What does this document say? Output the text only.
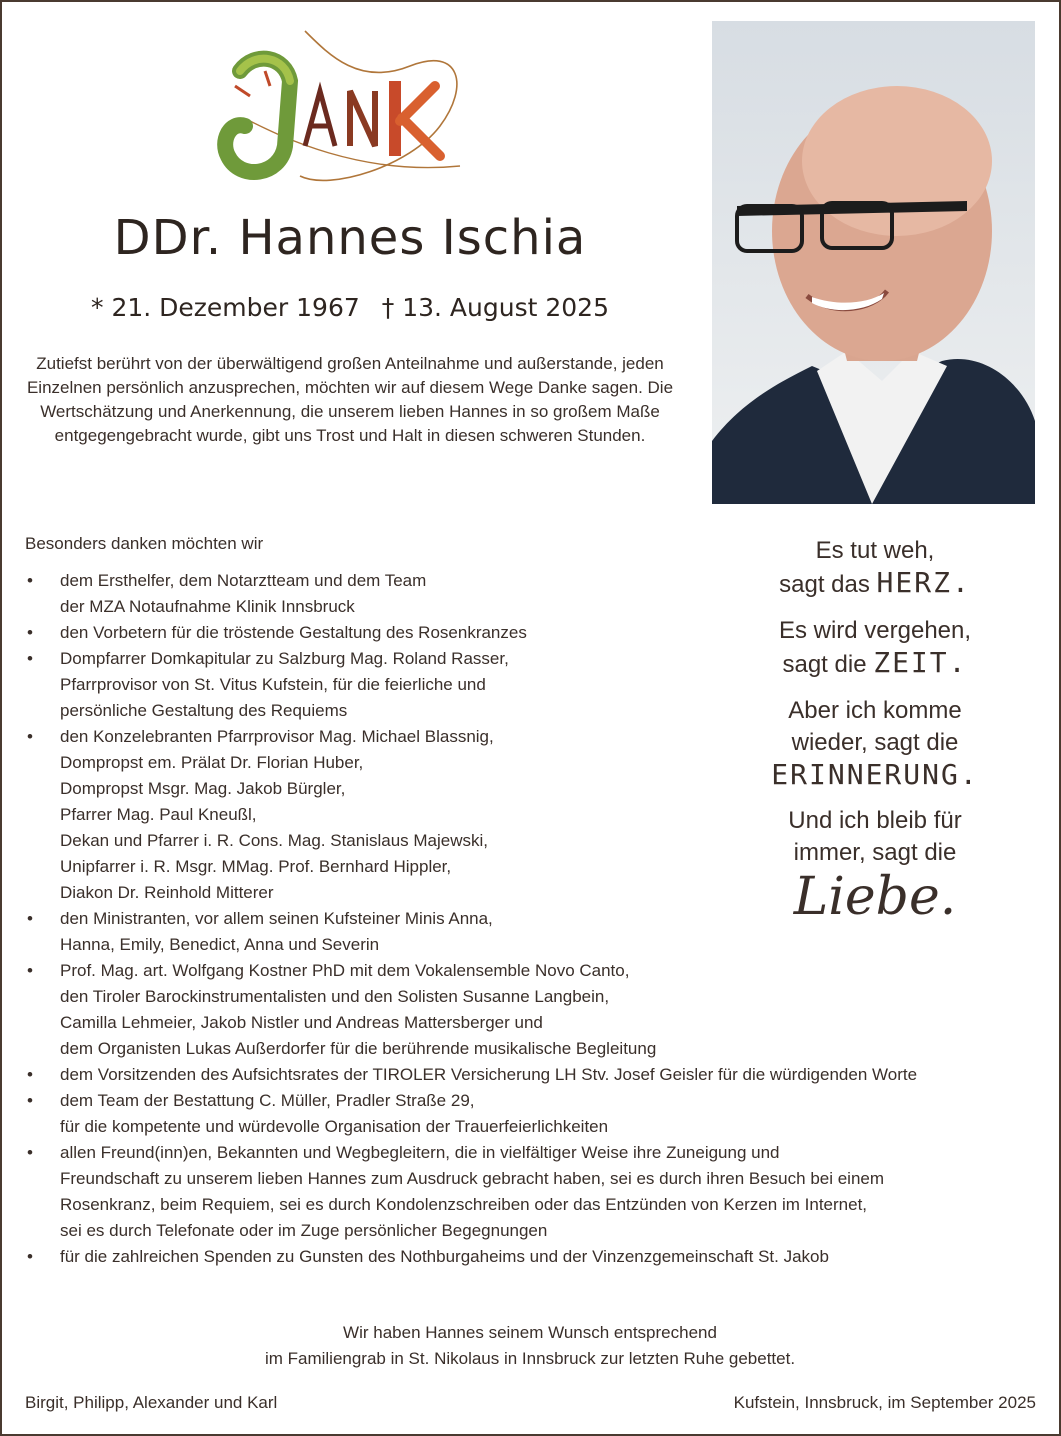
DDr. Hannes Ischia
* 21. Dezember 1967 † 13. August 2025
Zutiefst berührt von der überwältigend großen Anteilnahme und außerstande, jeden Einzelnen persönlich anzusprechen, möchten wir auf diesem Wege Danke sagen. Die Wertschätzung und Anerkennung, die unserem lieben Hannes in so großem Maße entgegengebracht wurde, gibt uns Trost und Halt in diesen schweren Stunden.
Besonders danken möchten wir
• dem Ersthelfer, dem Notarztteam und dem Team
der MZA Notaufnahme Klinik Innsbruck
• den Vorbetern für die tröstende Gestaltung des Rosenkranzes
• Dompfarrer Domkapitular zu Salzburg Mag. Roland Rasser,
Pfarrprovisor von St. Vitus Kufstein, für die feierliche und
persönliche Gestaltung des Requiems
• den Konzelebranten Pfarrprovisor Mag. Michael Blassnig,
Dompropst em. Prälat Dr. Florian Huber,
Dompropst Msgr. Mag. Jakob Bürgler,
Pfarrer Mag. Paul Kneußl,
Dekan und Pfarrer i. R. Cons. Mag. Stanislaus Majewski,
Unipfarrer i. R. Msgr. MMag. Prof. Bernhard Hippler,
Diakon Dr. Reinhold Mitterer
• den Ministranten, vor allem seinen Kufsteiner Minis Anna,
Hanna, Emily, Benedict, Anna und Severin
• Prof. Mag. art. Wolfgang Kostner PhD mit dem Vokalensemble Novo Canto,
den Tiroler Barockinstrumentalisten und den Solisten Susanne Langbein,
Camilla Lehmeier, Jakob Nistler und Andreas Mattersberger und
dem Organisten Lukas Außerdorfer für die berührende musikalische Begleitung
• dem Vorsitzenden des Aufsichtsrates der TIROLER Versicherung LH Stv. Josef Geisler für die würdigenden Worte
• dem Team der Bestattung C. Müller, Pradler Straße 29,
für die kompetente und würdevolle Organisation der Trauerfeierlichkeiten
• allen Freund(inn)en, Bekannten und Wegbegleitern, die in vielfältiger Weise ihre Zuneigung und
Freundschaft zu unserem lieben Hannes zum Ausdruck gebracht haben, sei es durch ihren Besuch bei einem
Rosenkranz, beim Requiem, sei es durch Kondolenzschreiben oder das Entzünden von Kerzen im Internet,
sei es durch Telefonate oder im Zuge persönlicher Begegnungen
• für die zahlreichen Spenden zu Gunsten des Nothburgaheims und der Vinzenzgemeinschaft St. Jakob
Es tut weh,
sagt das HERZ.
Es wird vergehen,
sagt die ZEIT.
Aber ich komme
wieder, sagt die
ERINNERUNG.
Und ich bleib für
immer, sagt die
Liebe.
Wir haben Hannes seinem Wunsch entsprechend
im Familiengrab in St. Nikolaus in Innsbruck zur letzten Ruhe gebettet.
Birgit, Philipp, Alexander und Karl	Kufstein, Innsbruck, im September 2025
